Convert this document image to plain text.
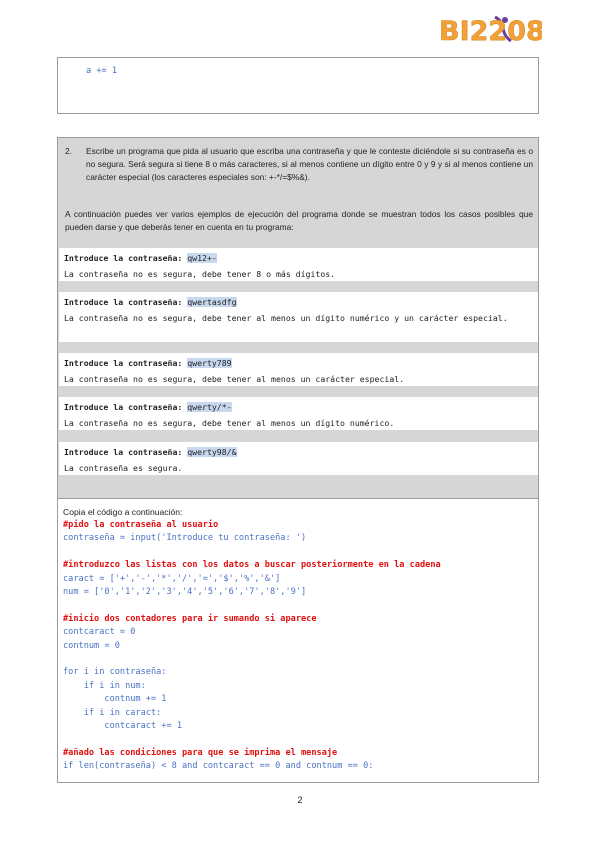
BI2208
a += 1
2. Escribe un programa que pida al usuario que escriba una contraseña y que le conteste diciéndole si su contraseña es o no segura. Será segura si tiene 8 o más caracteres, si al menos contiene un dígito entre 0 y 9 y si al menos contiene un carácter especial (los caracteres especiales son: +-*/=$%&).
A continuación puedes ver varios ejemplos de ejecución del programa donde se muestran todos los casos posibles que pueden darse y que deberás tener en cuenta en tu programa:
Introduce la contraseña: qw12+-
La contraseña no es segura, debe tener 8 o más dígitos.
Introduce la contraseña: qwertasdfg
La contraseña no es segura, debe tener al menos un dígito numérico y un carácter especial.
Introduce la contraseña: qwerty789
La contraseña no es segura, debe tener al menos un carácter especial.
Introduce la contraseña: qwerty/*-
La contraseña no es segura, debe tener al menos un dígito numérico.
Introduce la contraseña: qwerty98/&
La contraseña es segura.
Copia el código a continuación:
#pido la contraseña al usuario
contraseña = input('Introduce tu contraseña: ')
#introduzco las listas con los datos a buscar posteriormente en la cadena
caract = ['+','-','*','/','=','$','%','&']
num = ['0','1','2','3','4','5','6','7','8','9']
#inicio dos contadores para ir sumando si aparece
contcaract = 0
contnum = 0
for i in contraseña:
if i in num:
contnum += 1
if i in caract:
contcaract += 1
#añado las condiciones para que se imprima el mensaje
if len(contraseña) < 8 and contcaract == 0 and contnum == 0:
2
